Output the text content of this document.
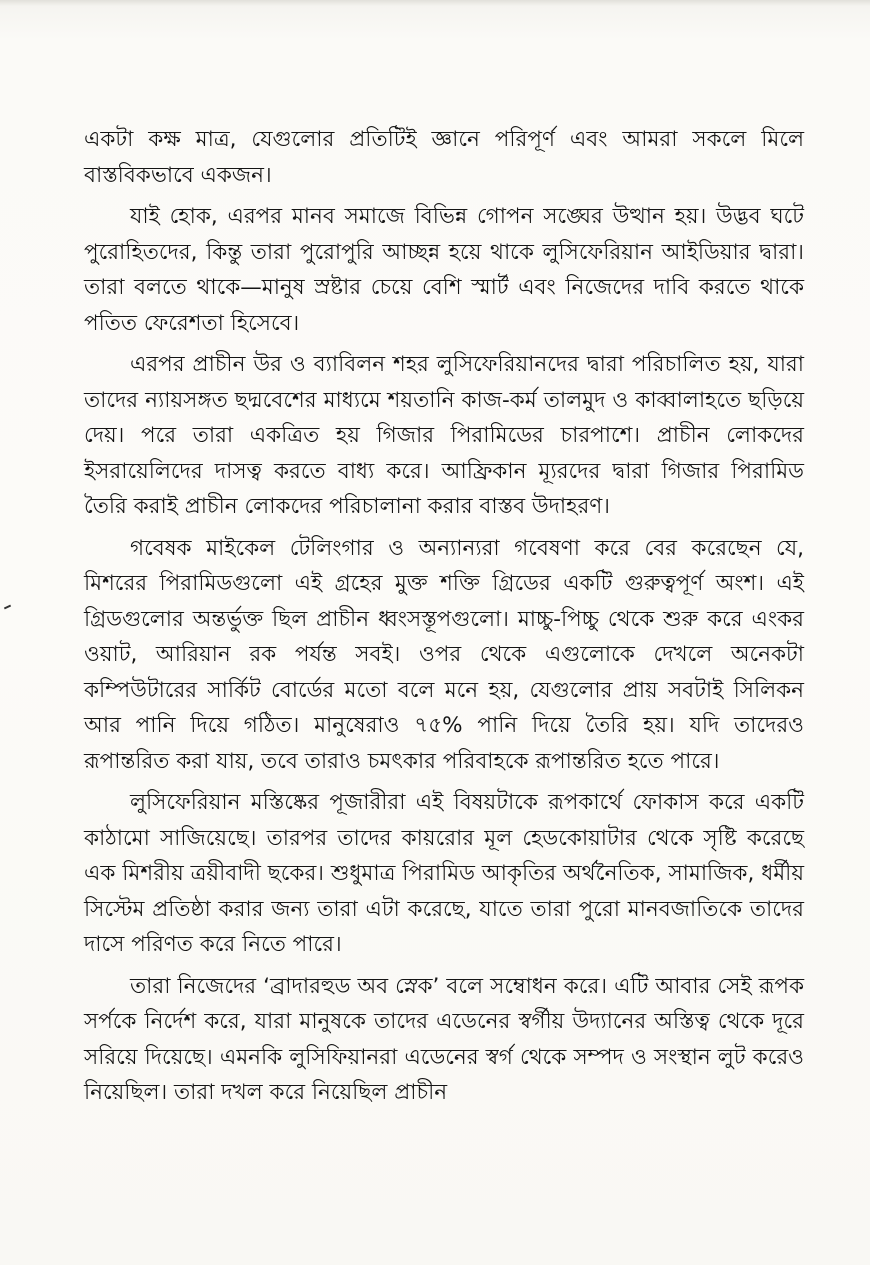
একটা কক্ষ মাত্র, যেগুলোর প্রতিটিই জ্ঞানে পরিপূর্ণ এবং আমরা সকলে মিলে বাস্তবিকভাবে একজন।

যাই হোক, এরপর মানব সমাজে বিভিন্ন গোপন সঙ্ঘের উত্থান হয়। উদ্ভব ঘটে পুরোহিতদের, কিন্তু তারা পুরোপুরি আচ্ছন্ন হয়ে থাকে লুসিফেরিয়ান আইডিয়ার দ্বারা। তারা বলতে থাকে—মানুষ স্রষ্টার চেয়ে বেশি স্মার্ট এবং নিজেদের দাবি করতে থাকে পতিত ফেরেশতা হিসেবে।

এরপর প্রাচীন উর ও ব্যাবিলন শহর লুসিফেরিয়ানদের দ্বারা পরিচালিত হয়, যারা তাদের ন্যায়সঙ্গত ছদ্মবেশের মাধ্যমে শয়তানি কাজ-কর্ম তালমুদ ও কাব্বালাহতে ছড়িয়ে দেয়। পরে তারা একত্রিত হয় গিজার পিরামিডের চারপাশে। প্রাচীন লোকদের ইসরায়েলিদের দাসত্ব করতে বাধ্য করে। আফ্রিকান ম্যূরদের দ্বারা গিজার পিরামিড তৈরি করাই প্রাচীন লোকদের পরিচালানা করার বাস্তব উদাহরণ।

গবেষক মাইকেল টেলিংগার ও অন্যান্যরা গবেষণা করে বের করেছেন যে, মিশরের পিরামিডগুলো এই গ্রহের মুক্ত শক্তি গ্রিডের একটি গুরুত্বপূর্ণ অংশ। এই গ্রিডগুলোর অন্তর্ভুক্ত ছিল প্রাচীন ধ্বংসস্তূপগুলো। মাচ্চু-পিচ্চু থেকে শুরু করে এংকর ওয়াট, আরিয়ান রক পর্যন্ত সবই। ওপর থেকে এগুলোকে দেখলে অনেকটা কম্পিউটারের সার্কিট বোর্ডের মতো বলে মনে হয়, যেগুলোর প্রায় সবটাই সিলিকন আর পানি দিয়ে গঠিত। মানুষেরাও ৭৫% পানি দিয়ে তৈরি হয়। যদি তাদেরও রূপান্তরিত করা যায়, তবে তারাও চমৎকার পরিবাহকে রূপান্তরিত হতে পারে।

লুসিফেরিয়ান মস্তিষ্কের পূজারীরা এই বিষয়টাকে রূপকার্থে ফোকাস করে একটি কাঠামো সাজিয়েছে। তারপর তাদের কায়রোর মূল হেডকোয়াটার থেকে সৃষ্টি করেছে এক মিশরীয় ত্রয়ীবাদী ছকের। শুধুমাত্র পিরামিড আকৃতির অর্থনৈতিক, সামাজিক, ধর্মীয় সিস্টেম প্রতিষ্ঠা করার জন্য তারা এটা করেছে, যাতে তারা পুরো মানবজাতিকে তাদের দাসে পরিণত করে নিতে পারে।

তারা নিজেদের ‘ব্রাদারহুড অব স্নেক’ বলে সম্বোধন করে। এটি আবার সেই রূপক সর্পকে নির্দেশ করে, যারা মানুষকে তাদের এডেনের স্বর্গীয় উদ্যানের অস্তিত্ব থেকে দূরে সরিয়ে দিয়েছে। এমনকি লুসিফিয়ানরা এডেনের স্বর্গ থেকে সম্পদ ও সংস্থান লুট করেও নিয়েছিল। তারা দখল করে নিয়েছিল প্রাচীন
